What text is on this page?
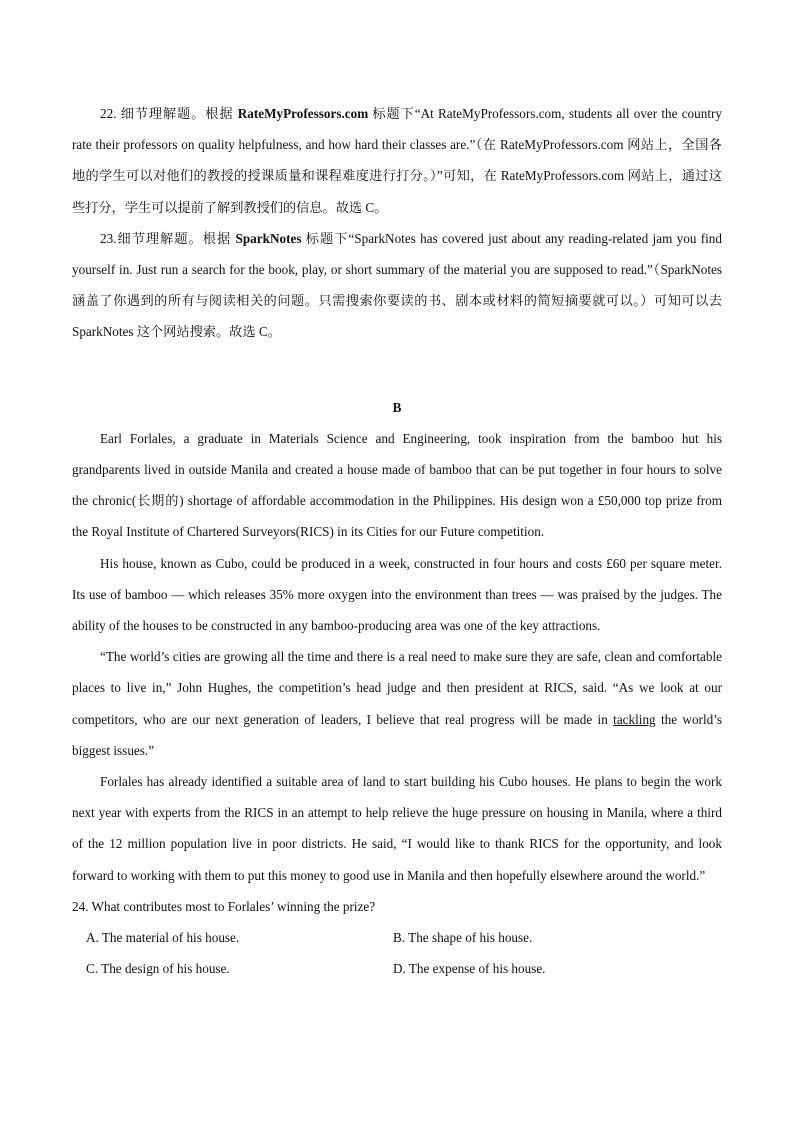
22. 细节理解题。根据 RateMyProfessors.com 标题下“At RateMyProfessors.com, students all over the country rate their professors on quality helpfulness, and how hard their classes are.”（在 RateMyProfessors.com 网站上，全国各地的学生可以对他们的教授的授课质量和课程难度进行打分。）”可知，在 RateMyProfessors.com 网站上，通过这些打分，学生可以提前了解到教授们的信息。故选 C。

23.细节理解题。根据 SparkNotes 标题下“SparkNotes has covered just about any reading-related jam you find yourself in. Just run a search for the book, play, or short summary of the material you are supposed to read.”（SparkNotes 涵盖了你遇到的所有与阅读相关的问题。只需搜索你要读的书、剧本或材料的简短摘要就可以。）可知可以去 SparkNotes 这个网站搜索。故选 C。

B

Earl Forlales, a graduate in Materials Science and Engineering, took inspiration from the bamboo hut his grandparents lived in outside Manila and created a house made of bamboo that can be put together in four hours to solve the chronic(长期的) shortage of affordable accommodation in the Philippines. His design won a £50,000 top prize from the Royal Institute of Chartered Surveyors(RICS) in its Cities for our Future competition.

His house, known as Cubo, could be produced in a week, constructed in four hours and costs £60 per square meter. Its use of bamboo — which releases 35% more oxygen into the environment than trees — was praised by the judges. The ability of the houses to be constructed in any bamboo-producing area was one of the key attractions.

“The world’s cities are growing all the time and there is a real need to make sure they are safe, clean and comfortable places to live in,” John Hughes, the competition’s head judge and then president at RICS, said. “As we look at our competitors, who are our next generation of leaders, I believe that real progress will be made in tackling the world’s biggest issues.”

Forlales has already identified a suitable area of land to start building his Cubo houses. He plans to begin the work next year with experts from the RICS in an attempt to help relieve the huge pressure on housing in Manila, where a third of the 12 million population live in poor districts. He said, “I would like to thank RICS for the opportunity, and look forward to working with them to put this money to good use in Manila and then hopefully elsewhere around the world.”

24. What contributes most to Forlales’ winning the prize?

A. The material of his house.	B. The shape of his house.
C. The design of his house.	D. The expense of his house.
